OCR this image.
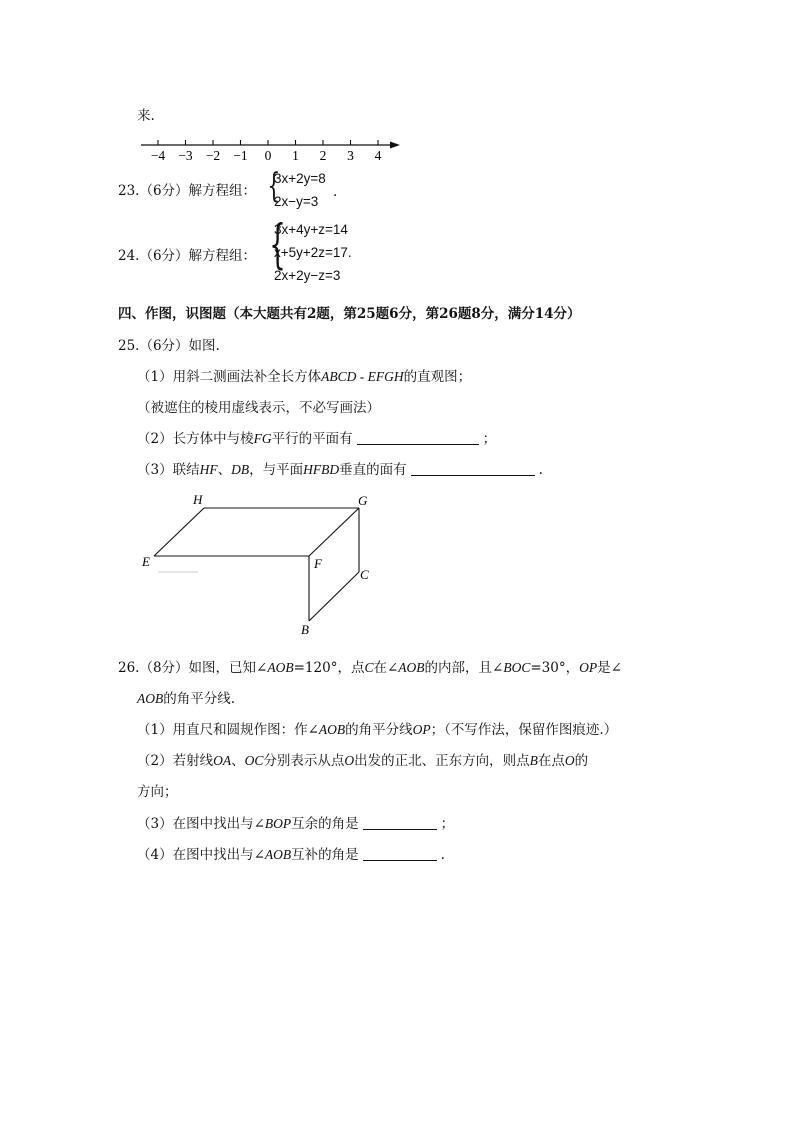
来.
−4 −3 −2 −1 0 1 2 3 4
23.（6分）解方程组： {
3x+2y=8
2x−y=3
.
24.（6分）解方程组： {
3x+4y+z=14
x+5y+2z=17.
2x+2y−z=3
四、作图，识图题（本大题共有2题，第25题6分，第26题8分，满分14分）
25.（6分）如图.
（1）用斜二测画法补全长方体ABCD - EFGH的直观图；
（被遮住的棱用虚线表示，不必写画法）
（2）长方体中与棱FG平行的平面有	；
（3）联结HF、DB，与平面HFBD垂直的面有	.
H	G
E	F
C
B
26.（8分）如图，已知∠AOB=120°，点C在∠AOB的内部，且∠BOC=30°，OP是∠
AOB的角平分线.
（1）用直尺和圆规作图：作∠AOB的角平分线OP；（不写作法，保留作图痕迹.）
（2）若射线OA、OC分别表示从点O出发的正北、正东方向，则点B在点O的
方向；
（3）在图中找出与∠BOP互余的角是	；
（4）在图中找出与∠AOB互补的角是	.
